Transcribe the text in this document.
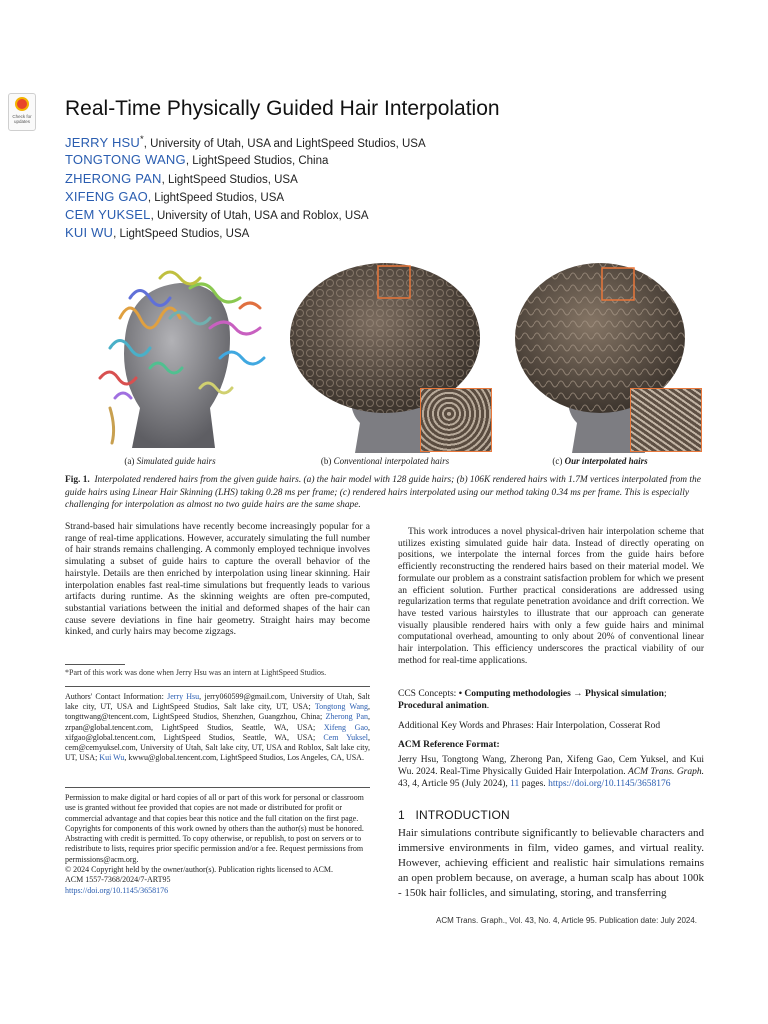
Check for updates
Real-Time Physically Guided Hair Interpolation
JERRY HSU*, University of Utah, USA and LightSpeed Studios, USA
TONGTONG WANG, LightSpeed Studios, China
ZHERONG PAN, LightSpeed Studios, USA
XIFENG GAO, LightSpeed Studios, USA
CEM YUKSEL, University of Utah, USA and Roblox, USA
KUI WU, LightSpeed Studios, USA
(a) Simulated guide hairs	(b) Conventional interpolated hairs	(c) Our interpolated hairs
Fig. 1. Interpolated rendered hairs from the given guide hairs. (a) the hair model with 128 guide hairs; (b) 106K rendered hairs with 1.7M vertices interpolated from the guide hairs using Linear Hair Skinning (LHS) taking 0.28 ms per frame; (c) rendered hairs interpolated using our method taking 0.34 ms per frame. This is especially challenging for interpolation as almost no two guide hairs are the same shape.
Strand-based hair simulations have recently become increasingly popular for a range of real-time applications. However, accurately simulating the full number of hair strands remains challenging. A commonly employed technique involves simulating a subset of guide hairs to capture the overall behavior of the hairstyle. Details are then enriched by interpolation using linear skinning. Hair interpolation enables fast real-time simulations but frequently leads to various artifacts during runtime. As the skinning weights are often pre-computed, substantial variations between the initial and deformed shapes of the hair can cause severe deviations in fine hair geometry. Straight hairs may become kinked, and curly hairs may become zigzags.
This work introduces a novel physical-driven hair interpolation scheme that utilizes existing simulated guide hair data. Instead of directly operating on positions, we interpolate the internal forces from the guide hairs before efficiently reconstructing the rendered hairs based on their material model. We formulate our problem as a constraint satisfaction problem for which we present an efficient solution. Further practical considerations are addressed using regularization terms that regulate penetration avoidance and drift correction. We have tested various hairstyles to illustrate that our approach can generate visually plausible rendered hairs with only a few guide hairs and minimal computational overhead, amounting to only about 20% of conventional linear hair interpolation. This efficiency underscores the practical viability of our method for real-time applications.
*Part of this work was done when Jerry Hsu was an intern at LightSpeed Studios.
Authors' Contact Information: Jerry Hsu, jerry060599@gmail.com, University of Utah, Salt lake city, UT, USA and LightSpeed Studios, Salt lake city, UT, USA; Tongtong Wang, tongttwang@tencent.com, LightSpeed Studios, Shenzhen, Guangzhou, China; Zherong Pan, zrpan@global.tencent.com, LightSpeed Studios, Seattle, WA, USA; Xifeng Gao, xifgao@global.tencent.com, LightSpeed Studios, Seattle, WA, USA; Cem Yuksel, cem@cemyuksel.com, University of Utah, Salt lake city, UT, USA and Roblox, Salt lake city, UT, USA; Kui Wu, kwwu@global.tencent.com, LightSpeed Studios, Los Angeles, CA, USA.
Permission to make digital or hard copies of all or part of this work for personal or classroom use is granted without fee provided that copies are not made or distributed for profit or commercial advantage and that copies bear this notice and the full citation on the first page. Copyrights for components of this work owned by others than the author(s) must be honored. Abstracting with credit is permitted. To copy otherwise, or republish, to post on servers or to redistribute to lists, requires prior specific permission and/or a fee. Request permissions from permissions@acm.org.
© 2024 Copyright held by the owner/author(s). Publication rights licensed to ACM.
ACM 1557-7368/2024/7-ART95
https://doi.org/10.1145/3658176
CCS Concepts: • Computing methodologies → Physical simulation; Procedural animation.
Additional Key Words and Phrases: Hair Interpolation, Cosserat Rod
ACM Reference Format:
Jerry Hsu, Tongtong Wang, Zherong Pan, Xifeng Gao, Cem Yuksel, and Kui Wu. 2024. Real-Time Physically Guided Hair Interpolation. ACM Trans. Graph. 43, 4, Article 95 (July 2024), 11 pages. https://doi.org/10.1145/3658176
1 INTRODUCTION
Hair simulations contribute significantly to believable characters and immersive environments in film, video games, and virtual reality. However, achieving efficient and realistic hair simulations remains an open problem because, on average, a human scalp has about 100k - 150k hair follicles, and simulating, storing, and transferring
ACM Trans. Graph., Vol. 43, No. 4, Article 95. Publication date: July 2024.
